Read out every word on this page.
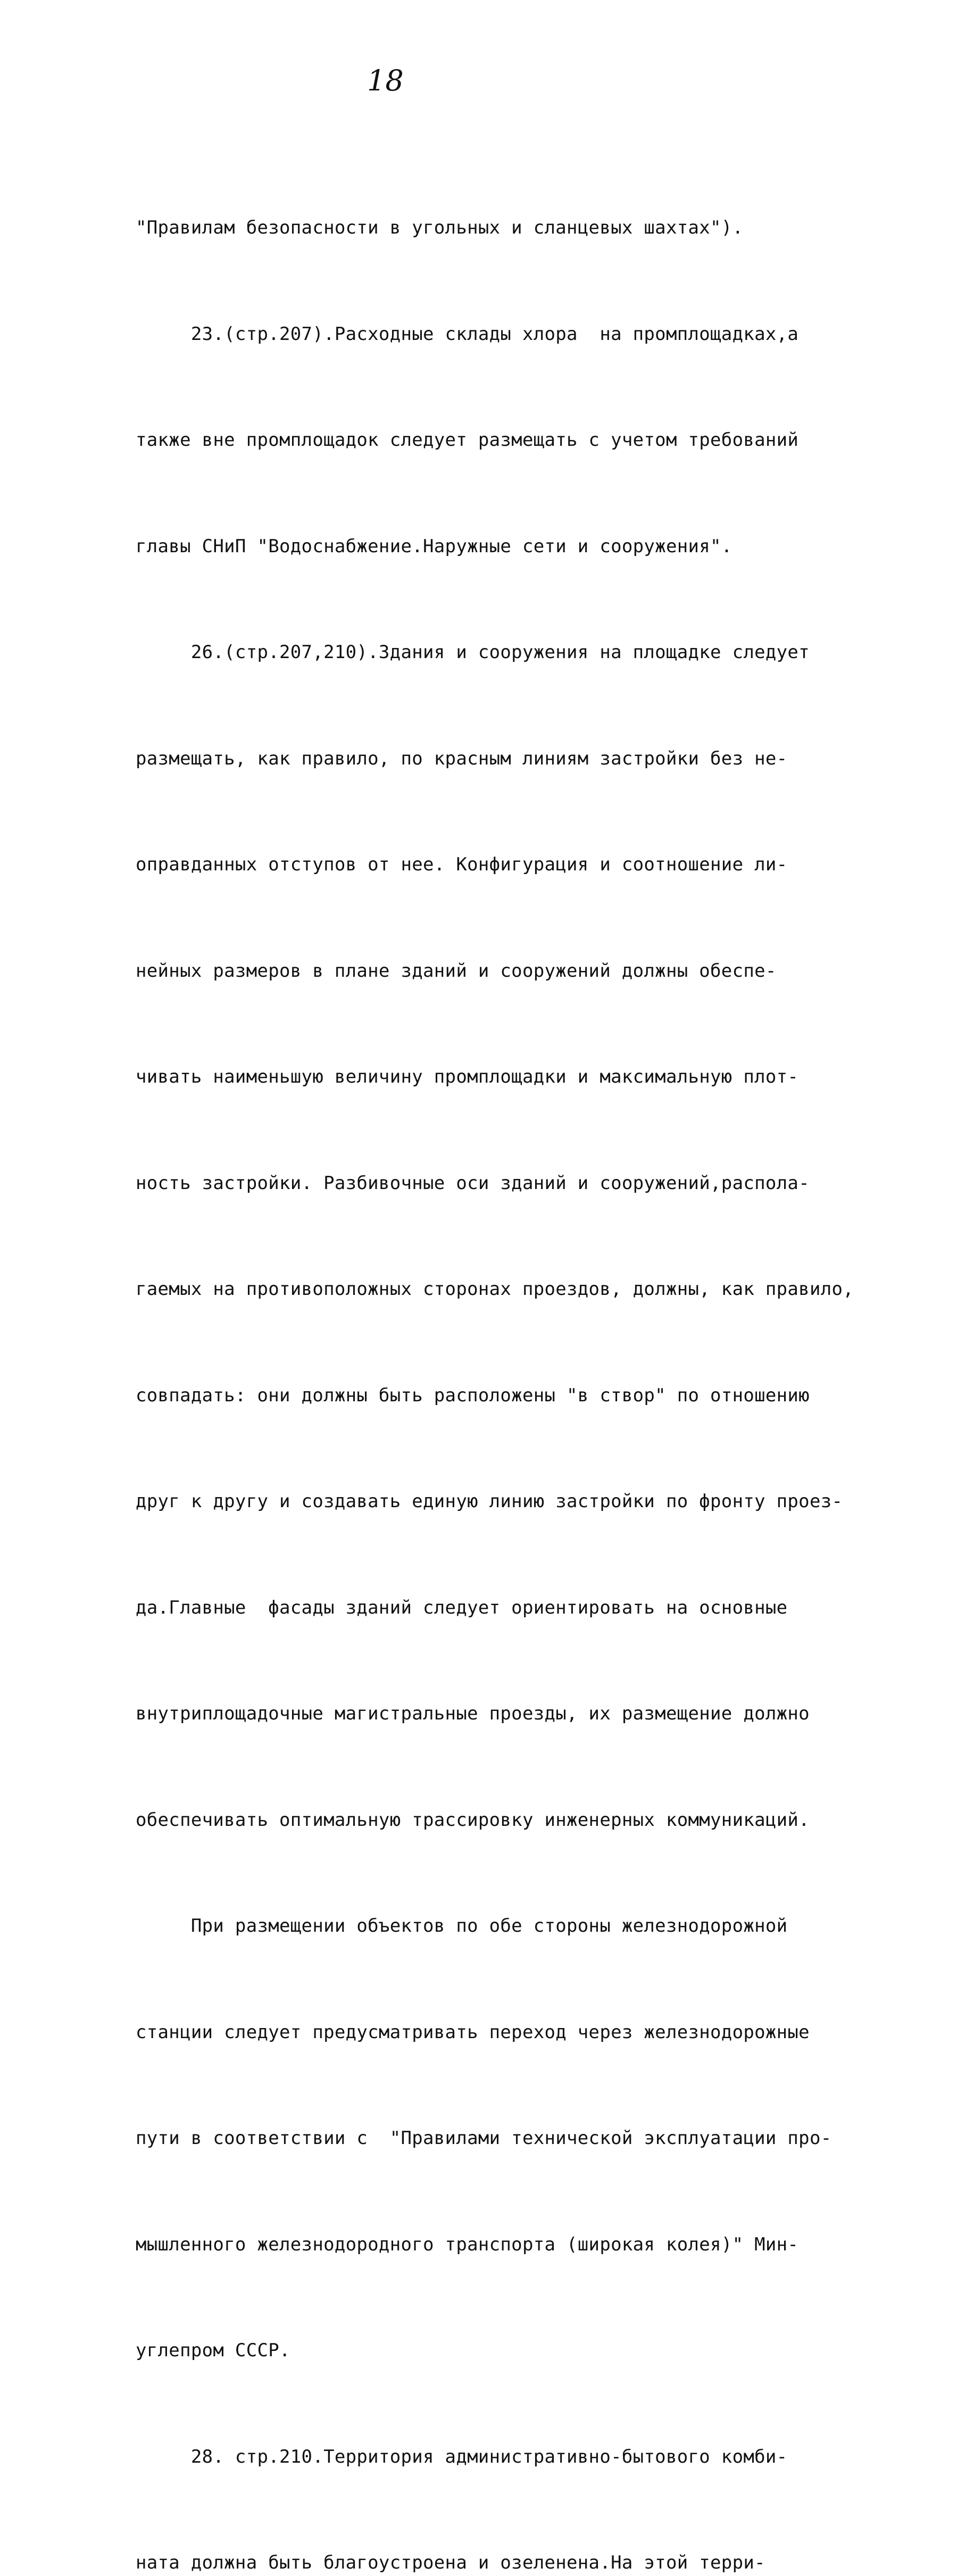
18

"Правилам безопасности в угольных и сланцевых шахтах").

23.(стр.207).Расходные склады хлора  на промплощадках,а

также вне промплощадок следует размещать с учетом требований

главы СНиП "Водоснабжение.Наружные сети и сооружения".

26.(стр.207,210).Здания и сооружения на площадке следует

размещать, как правило, по красным линиям застройки без не-

оправданных отступов от нее. Конфигурация и соотношение ли-

нейных размеров в плане зданий и сооружений должны обеспе-

чивать наименьшую величину промплощадки и максимальную плот-

ность застройки. Разбивочные оси зданий и сооружений,распола-

гаемых на противоположных сторонах проездов, должны, как правило,

совпадать: они должны быть расположены "в створ" по отношению

друг к другу и создавать единую линию застройки по фронту проез-

да.Главные  фасады зданий следует ориентировать на основные

внутриплощадочные магистральные проезды, их размещение должно

обеспечивать оптимальную трассировку инженерных коммуникаций.

При размещении объектов по обе стороны железнодорожной

станции следует предусматривать переход через железнодорожные

пути в соответствии с  "Правилами технической эксплуатации про-

мышленного железнодородного транспорта (широкая колея)" Мин-

углепром СССР.

28. стр.210.Территория административно-бытового комби-

ната должна быть благоустроена и озеленена.На этой терри-
